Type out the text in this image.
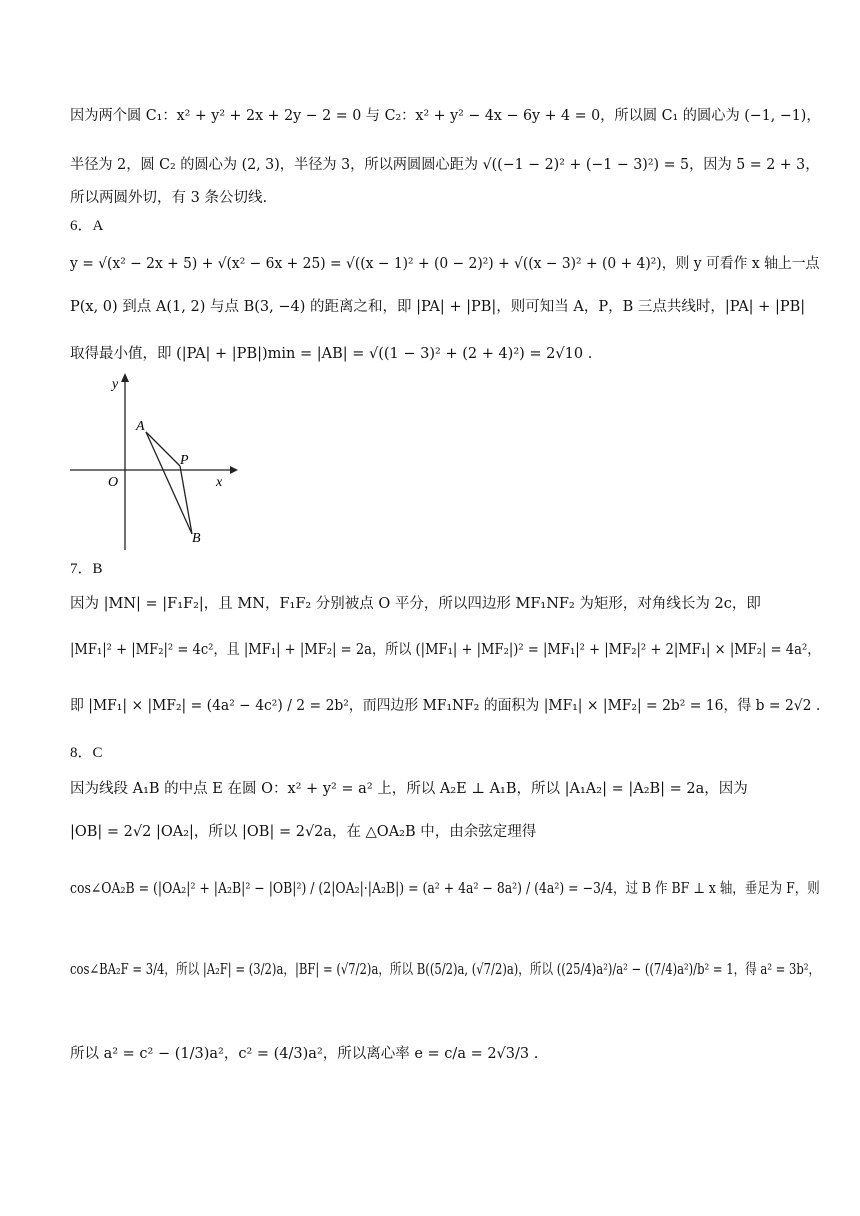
因为两个圆 C₁：x² + y² + 2x + 2y − 2 = 0 与 C₂：x² + y² − 4x − 6y + 4 = 0，所以圆 C₁ 的圆心为 (−1, −1)，
半径为 2，圆 C₂ 的圆心为 (2, 3)，半径为 3，所以两圆圆心距为 √((−1 − 2)² + (−1 − 3)²) = 5，因为 5 = 2 + 3，
所以两圆外切，有 3 条公切线.
6．A
y = √(x² − 2x + 5) + √(x² − 6x + 25) = √((x − 1)² + (0 − 2)²) + √((x − 3)² + (0 + 4)²)，则 y 可看作 x 轴上一点
P(x, 0) 到点 A(1, 2) 与点 B(3, −4) 的距离之和，即 |PA| + |PB|，则可知当 A，P，B 三点共线时，|PA| + |PB|
取得最小值，即 (|PA| + |PB|)min = |AB| = √((1 − 3)² + (2 + 4)²) = 2√10 .
y
x
O
A
P
B
7．B
因为 |MN| = |F₁F₂|，且 MN，F₁F₂ 分别被点 O 平分，所以四边形 MF₁NF₂ 为矩形，对角线长为 2c，即
|MF₁|² + |MF₂|² = 4c²，且 |MF₁| + |MF₂| = 2a，所以 (|MF₁| + |MF₂|)² = |MF₁|² + |MF₂|² + 2|MF₁| × |MF₂| = 4a²，
即 |MF₁| × |MF₂| = (4a² − 4c²) / 2 = 2b²，而四边形 MF₁NF₂ 的面积为 |MF₁| × |MF₂| = 2b² = 16，得 b = 2√2 .
8．C
因为线段 A₁B 的中点 E 在圆 O：x² + y² = a² 上，所以 A₂E ⊥ A₁B，所以 |A₁A₂| = |A₂B| = 2a，因为
|OB| = 2√2 |OA₂|，所以 |OB| = 2√2a，在 △OA₂B 中，由余弦定理得
cos∠OA₂B = (|OA₂|² + |A₂B|² − |OB|²) / (2|OA₂|·|A₂B|) = (a² + 4a² − 8a²) / (4a²) = −3/4，过 B 作 BF ⊥ x 轴，垂足为 F，则
cos∠BA₂F = 3/4，所以 |A₂F| = (3/2)a，|BF| = (√7/2)a，所以 B((5/2)a, (√7/2)a)，所以 ((25/4)a²)/a² − ((7/4)a²)/b² = 1，得 a² = 3b²，
所以 a² = c² − (1/3)a²，c² = (4/3)a²，所以离心率 e = c/a = 2√3/3 .
